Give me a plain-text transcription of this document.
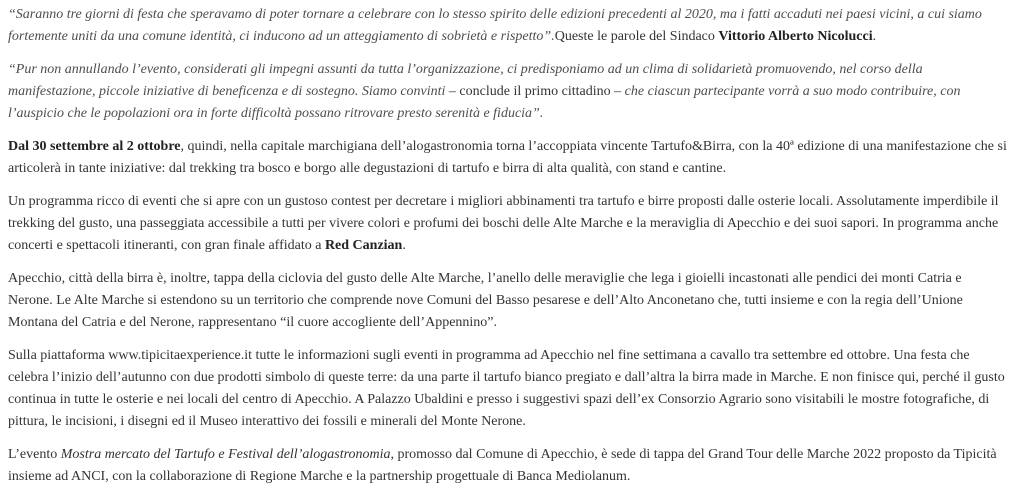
“Saranno tre giorni di festa che speravamo di poter tornare a celebrare con lo stesso spirito delle edizioni precedenti al 2020, ma i fatti accaduti nei paesi vicini, a cui siamo fortemente uniti da una comune identità, ci inducono ad un atteggiamento di sobrietà e rispetto”.Queste le parole del Sindaco Vittorio Alberto Nicolucci.

“Pur non annullando l’evento, considerati gli impegni assunti da tutta l’organizzazione, ci predisponiamo ad un clima di solidarietà promuovendo, nel corso della manifestazione, piccole iniziative di beneficenza e di sostegno. Siamo convinti – conclude il primo cittadino – che ciascun partecipante vorrà a suo modo contribuire, con l’auspicio che le popolazioni ora in forte difficoltà possano ritrovare presto serenità e fiducia”.

Dal 30 settembre al 2 ottobre, quindi, nella capitale marchigiana dell’alogastronomia torna l’accoppiata vincente Tartufo&Birra, con la 40ª edizione di una manifestazione che si articolerà in tante iniziative: dal trekking tra bosco e borgo alle degustazioni di tartufo e birra di alta qualità, con stand e cantine.

Un programma ricco di eventi che si apre con un gustoso contest per decretare i migliori abbinamenti tra tartufo e birre proposti dalle osterie locali. Assolutamente imperdibile il trekking del gusto, una passeggiata accessibile a tutti per vivere colori e profumi dei boschi delle Alte Marche e la meraviglia di Apecchio e dei suoi sapori. In programma anche concerti e spettacoli itineranti, con gran finale affidato a Red Canzian.

Apecchio, città della birra è, inoltre, tappa della ciclovia del gusto delle Alte Marche, l’anello delle meraviglie che lega i gioielli incastonati alle pendici dei monti Catria e Nerone. Le Alte Marche si estendono su un territorio che comprende nove Comuni del Basso pesarese e dell’Alto Anconetano che, tutti insieme e con la regia dell’Unione Montana del Catria e del Nerone, rappresentano “il cuore accogliente dell’Appennino”.

Sulla piattaforma www.tipicitaexperience.it tutte le informazioni sugli eventi in programma ad Apecchio nel fine settimana a cavallo tra settembre ed ottobre. Una festa che celebra l’inizio dell’autunno con due prodotti simbolo di queste terre: da una parte il tartufo bianco pregiato e dall’altra la birra made in Marche. E non finisce qui, perché il gusto continua in tutte le osterie e nei locali del centro di Apecchio. A Palazzo Ubaldini e presso i suggestivi spazi dell’ex Consorzio Agrario sono visitabili le mostre fotografiche, di pittura, le incisioni, i disegni ed il Museo interattivo dei fossili e minerali del Monte Nerone.

L’evento Mostra mercato del Tartufo e Festival dell’alogastronomia, promosso dal Comune di Apecchio, è sede di tappa del Grand Tour delle Marche 2022 proposto da Tipicità insieme ad ANCI, con la collaborazione di Regione Marche e la partnership progettuale di Banca Mediolanum.
